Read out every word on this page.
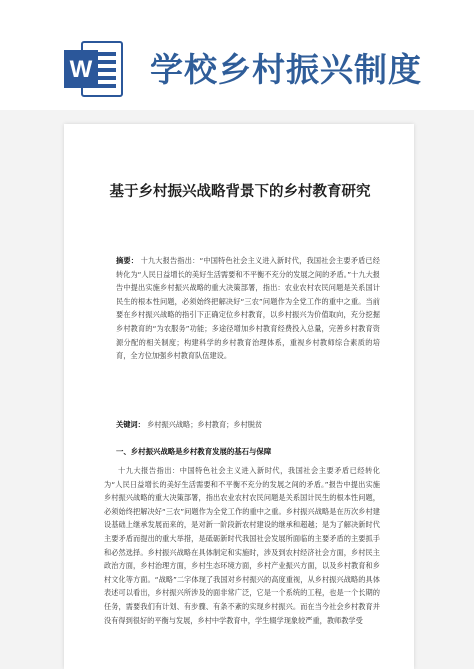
W 学校乡村振兴制度
基于乡村振兴战略背景下的乡村教育研究
摘要： 十九大报告指出：“中国特色社会主义进入新时代，我国社会主要矛盾已经转化为“人民日益增长的美好生活需要和不平衡不充分的发展之间的矛盾。”十九大报告中提出实施乡村振兴战略的重大决策部署，指出：农业农村农民问题是关系国计民生的根本性问题，必须始终把解决好“三农”问题作为全党工作的重中之重。当前要在乡村振兴战略的指引下正确定位乡村教育，以乡村振兴为价值取向，充分挖掘乡村教育的“为农服务”功能；多途径增加乡村教育经费投入总量，完善乡村教育资源分配的相关制度；构建科学的乡村教育治理体系，重视乡村教师综合素质的培育，全方位加强乡村教育队伍建设。
关键词： 乡村振兴战略；乡村教育；乡村脱贫
一、乡村振兴战略是乡村教育发展的基石与保障
十九大报告指出：中国特色社会主义进入新时代，我国社会主要矛盾已经转化为“人民日益增长的美好生活需要和不平衡不充分的发展之间的矛盾。”报告中提出实施乡村振兴战略的重大决策部署，指出农业农村农民问题是关系国计民生的根本性问题，必须始终把解决好“三农”问题作为全党工作的重中之重。乡村振兴战略是在历次乡村建设基础上继承发展而来的，是对新一阶段新农村建设的继承和超越；是为了解决新时代主要矛盾而提出的重大举措，是砥砺新时代我国社会发展所面临的主要矛盾的主要抓手和必然选择。乡村振兴战略在具体制定和实施时，涉及到农村经济社会方面，乡村民主政治方面，乡村治理方面，乡村生态环境方面，乡村产业振兴方面，以及乡村教育和乡村文化等方面。“战略”二字体现了我国对乡村振兴的高度重视，从乡村振兴战略的具体表述可以看出，乡村振兴所涉及的面非常广泛，它是一个系统的工程，也是一个长期的任务，需要我们有计划、有步骤、有条不紊的实现乡村振兴。而在当今社会乡村教育并没有得到很好的平衡与发展，乡村中学教育中，学生辍学现象较严重，教师教学受
